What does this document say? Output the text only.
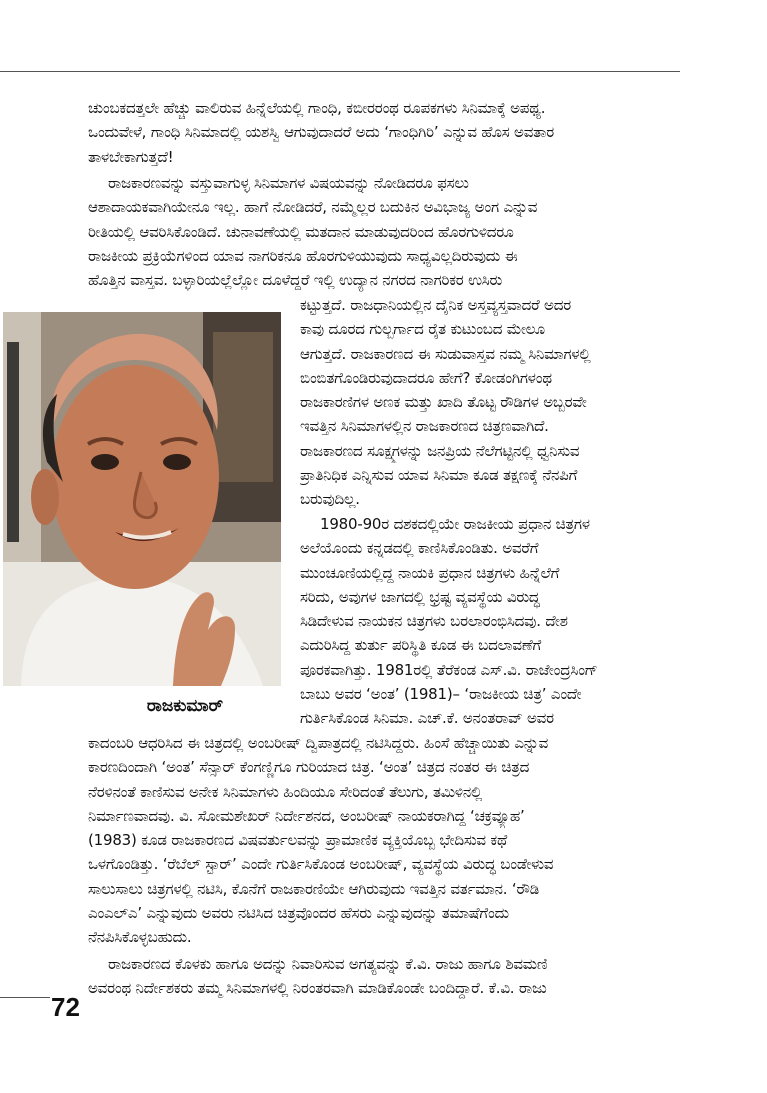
ಚುಂಬಕದತ್ತಲೇ ಹೆಚ್ಚು ವಾಲಿರುವ ಹಿನ್ನೆಲೆಯಲ್ಲಿ ಗಾಂಧಿ, ಕಬೀರರಂಥ ರೂಪಕಗಳು ಸಿನಿಮಾಕ್ಕೆ ಅಪಥ್ಯ.
ಒಂದುವೇಳೆ, ಗಾಂಧಿ ಸಿನಿಮಾದಲ್ಲಿ ಯಶಸ್ವಿ ಆಗುವುದಾದರೆ ಅದು ‘ಗಾಂಧಿಗಿರಿ’ ಎನ್ನುವ ಹೊಸ ಅವತಾರ
ತಾಳಬೇಕಾಗುತ್ತದೆ!
ರಾಜಕಾರಣವನ್ನು ವಸ್ತುವಾಗುಳ್ಳ ಸಿನಿಮಾಗಳ ವಿಷಯವನ್ನು ನೋಡಿದರೂ ಫಸಲು
ಆಶಾದಾಯಕವಾಗಿಯೇನೂ ಇಲ್ಲ. ಹಾಗೆ ನೋಡಿದರೆ, ನಮ್ಮೆಲ್ಲರ ಬದುಕಿನ ಅವಿಭಾಜ್ಯ ಅಂಗ ಎನ್ನುವ
ರೀತಿಯಲ್ಲಿ ಆವರಿಸಿಕೊಂಡಿದೆ. ಚುನಾವಣೆಯಲ್ಲಿ ಮತದಾನ ಮಾಡುವುದರಿಂದ ಹೊರಗುಳಿದರೂ
ರಾಜಕೀಯ ಪ್ರಕ್ರಿಯೆಗಳಿಂದ ಯಾವ ನಾಗರಿಕನೂ ಹೊರಗುಳಿಯುವುದು ಸಾಧ್ಯವಿಲ್ಲದಿರುವುದು ಈ
ಹೊತ್ತಿನ ವಾಸ್ತವ. ಬಳ್ಳಾರಿಯಲ್ಲೆಲ್ಲೋ ದೂಳೆದ್ದರೆ ಇಲ್ಲಿ ಉದ್ಯಾನ ನಗರದ ನಾಗರಿಕರ ಉಸಿರು
ಕಟ್ಟುತ್ತದೆ. ರಾಜಧಾನಿಯಲ್ಲಿನ ದೈನಿಕ ಅಸ್ತವ್ಯಸ್ತವಾದರೆ ಅದರ
ಕಾವು ದೂರದ ಗುಲ್ಬರ್ಗಾದ ರೈತ ಕುಟುಂಬದ ಮೇಲೂ
ಆಗುತ್ತದೆ. ರಾಜಕಾರಣದ ಈ ಸುಡುವಾಸ್ತವ ನಮ್ಮ ಸಿನಿಮಾಗಳಲ್ಲಿ
ಬಿಂಬಿತಗೊಂಡಿರುವುದಾದರೂ ಹೇಗೆ? ಕೋಡಂಗಿಗಳಂಥ
ರಾಜಕಾರಣಿಗಳ ಅಣಕ ಮತ್ತು ಖಾದಿ ತೊಟ್ಟ ರೌಡಿಗಳ ಅಬ್ಬರವೇ
ಇವತ್ತಿನ ಸಿನಿಮಾಗಳಲ್ಲಿನ ರಾಜಕಾರಣದ ಚಿತ್ರಣವಾಗಿದೆ.
ರಾಜಕಾರಣದ ಸೂಕ್ಷ್ಮಗಳನ್ನು ಜನಪ್ರಿಯ ನೆಲೆಗಟ್ಟಿನಲ್ಲಿ ಧ್ವನಿಸುವ
ಪ್ರಾತಿನಿಧಿಕ ಎನ್ನಿಸುವ ಯಾವ ಸಿನಿಮಾ ಕೂಡ ತಕ್ಷಣಕ್ಕೆ ನೆನಪಿಗೆ
ಬರುವುದಿಲ್ಲ.
1980-90ರ ದಶಕದಲ್ಲಿಯೇ ರಾಜಕೀಯ ಪ್ರಧಾನ ಚಿತ್ರಗಳ
ಅಲೆಯೊಂದು ಕನ್ನಡದಲ್ಲಿ ಕಾಣಿಸಿಕೊಂಡಿತು. ಅವರೆಗೆ
ಮುಂಚೂಣಿಯಲ್ಲಿದ್ದ ನಾಯಕಿ ಪ್ರಧಾನ ಚಿತ್ರಗಳು ಹಿನ್ನೆಲೆಗೆ
ಸರಿದು, ಅವುಗಳ ಜಾಗದಲ್ಲಿ ಭ್ರಷ್ಟ ವ್ಯವಸ್ಥೆಯ ವಿರುದ್ಧ
ಸಿಡಿದೇಳುವ ನಾಯಕನ ಚಿತ್ರಗಳು ಬರಲಾರಂಭಿಸಿದವು. ದೇಶ
ಎದುರಿಸಿದ್ದ ತುರ್ತು ಪರಿಸ್ಥಿತಿ ಕೂಡ ಈ ಬದಲಾವಣೆಗೆ
ಪೂರಕವಾಗಿತ್ತು. 1981ರಲ್ಲಿ ತೆರೆಕಂಡ ಎಸ್.ವಿ. ರಾಜೇಂದ್ರಸಿಂಗ್
ಬಾಬು ಅವರ ‘ಅಂತ’ (1981)– ‘ರಾಜಕೀಯ ಚಿತ್ರ’ ಎಂದೇ
ಗುರ್ತಿಸಿಕೊಂಡ ಸಿನಿಮಾ. ಎಚ್.ಕೆ. ಅನಂತರಾವ್ ಅವರ
ಕಾದಂಬರಿ ಆಧರಿಸಿದ ಈ ಚಿತ್ರದಲ್ಲಿ ಅಂಬರೀಷ್ ದ್ವಿಪಾತ್ರದಲ್ಲಿ ನಟಿಸಿದ್ದರು. ಹಿಂಸೆ ಹೆಚ್ಚಾಯಿತು ಎನ್ನುವ
ಕಾರಣದಿಂದಾಗಿ ‘ಅಂತ’ ಸೆನ್ಸಾರ್ ಕೆಂಗಣ್ಣಿಗೂ ಗುರಿಯಾದ ಚಿತ್ರ. ‘ಅಂತ’ ಚಿತ್ರದ ನಂತರ ಈ ಚಿತ್ರದ
ನೆರಳಿನಂತೆ ಕಾಣಿಸುವ ಅನೇಕ ಸಿನಿಮಾಗಳು ಹಿಂದಿಯೂ ಸೇರಿದಂತೆ ತೆಲುಗು, ತಮಿಳಿನಲ್ಲಿ
ನಿರ್ಮಾಣವಾದವು. ವಿ. ಸೋಮಶೇಖರ್ ನಿರ್ದೇಶನದ, ಅಂಬರೀಷ್ ನಾಯಕರಾಗಿದ್ದ ‘ಚಕ್ರವ್ಯೂಹ’
(1983) ಕೂಡ ರಾಜಕಾರಣದ ವಿಷವರ್ತುಲವನ್ನು ಪ್ರಾಮಾಣಿಕ ವ್ಯಕ್ತಿಯೊಬ್ಬ ಭೇದಿಸುವ ಕಥೆ
ಒಳಗೊಂಡಿತ್ತು. ‘ರೆಬೆಲ್ ಸ್ಟಾರ್’ ಎಂದೇ ಗುರ್ತಿಸಿಕೊಂಡ ಅಂಬರೀಷ್, ವ್ಯವಸ್ಥೆಯ ವಿರುದ್ಧ ಬಂಡೇಳುವ
ಸಾಲುಸಾಲು ಚಿತ್ರಗಳಲ್ಲಿ ನಟಿಸಿ, ಕೊನೆಗೆ ರಾಜಕಾರಣಿಯೇ ಆಗಿರುವುದು ಇವತ್ತಿನ ವರ್ತಮಾನ. ‘ರೌಡಿ
ಎಂಎಲ್ಎ’ ಎನ್ನುವುದು ಅವರು ನಟಿಸಿದ ಚಿತ್ರವೊಂದರ ಹೆಸರು ಎನ್ನುವುದನ್ನು ತಮಾಷೆಗೆಂದು
ನೆನಪಿಸಿಕೊಳ್ಳಬಹುದು.
ರಾಜಕಾರಣದ ಕೊಳಕು ಹಾಗೂ ಅದನ್ನು ನಿವಾರಿಸುವ ಅಗತ್ಯವನ್ನು ಕೆ.ವಿ. ರಾಜು ಹಾಗೂ ಶಿವಮಣಿ
ಅವರಂಥ ನಿರ್ದೇಶಕರು ತಮ್ಮ ಸಿನಿಮಾಗಳಲ್ಲಿ ನಿರಂತರವಾಗಿ ಮಾಡಿಕೊಂಡೇ ಬಂದಿದ್ದಾರೆ. ಕೆ.ವಿ. ರಾಜು
ರಾಜಕುಮಾರ್
72
